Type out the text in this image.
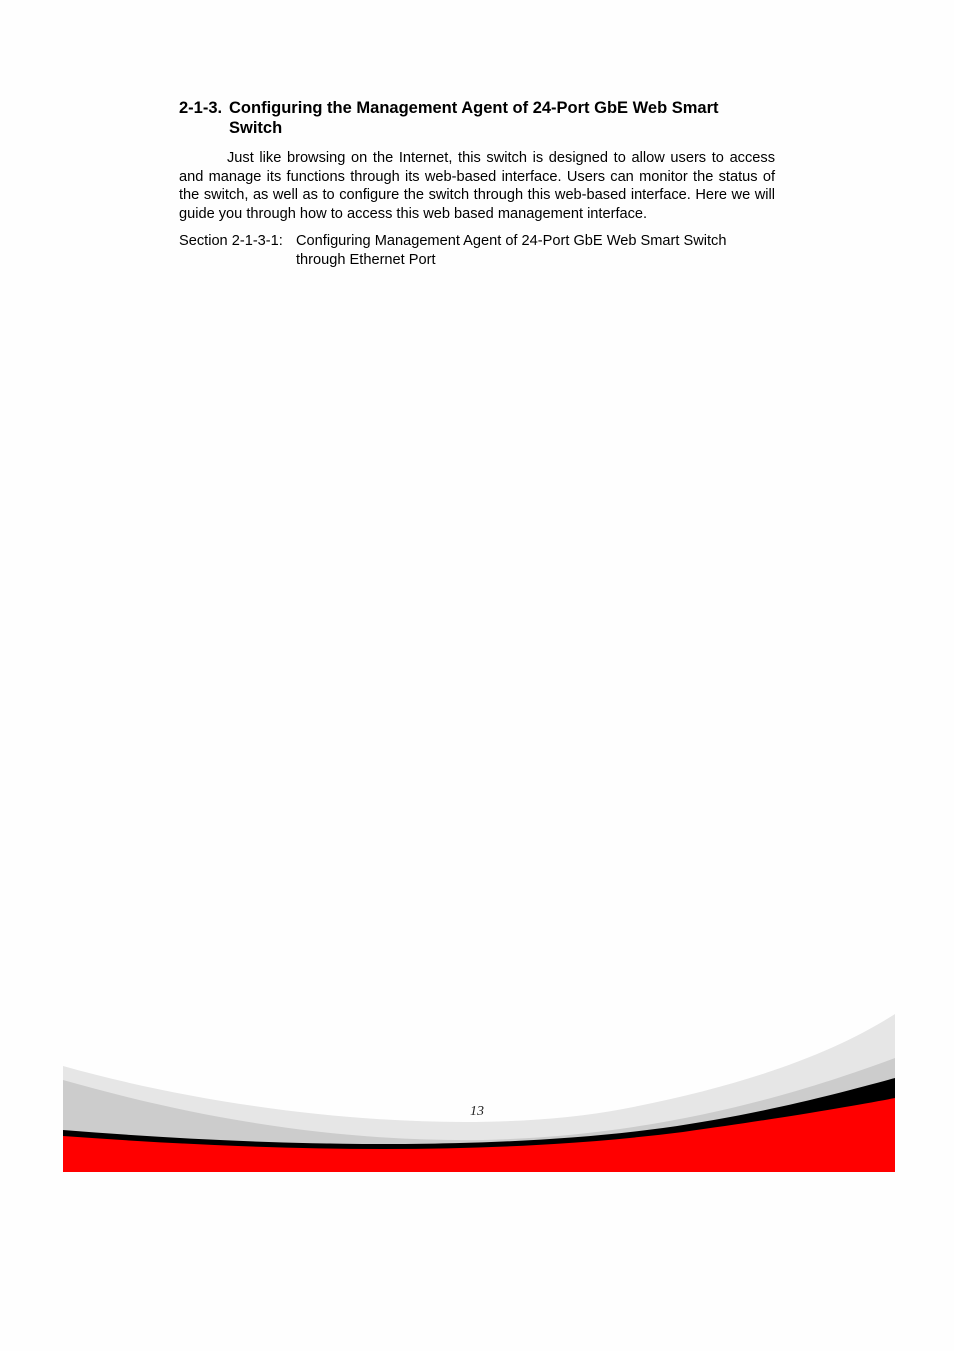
2-1-3. Configuring the Management Agent of 24-Port GbE Web Smart Switch

Just like browsing on the Internet, this switch is designed to allow users to access and manage its functions through its web-based interface. Users can monitor the status of the switch, as well as to configure the switch through this web-based interface. Here we will guide you through how to access this web based management interface.

Section 2-1-3-1: Configuring Management Agent of 24-Port GbE Web Smart Switch through Ethernet Port
13
